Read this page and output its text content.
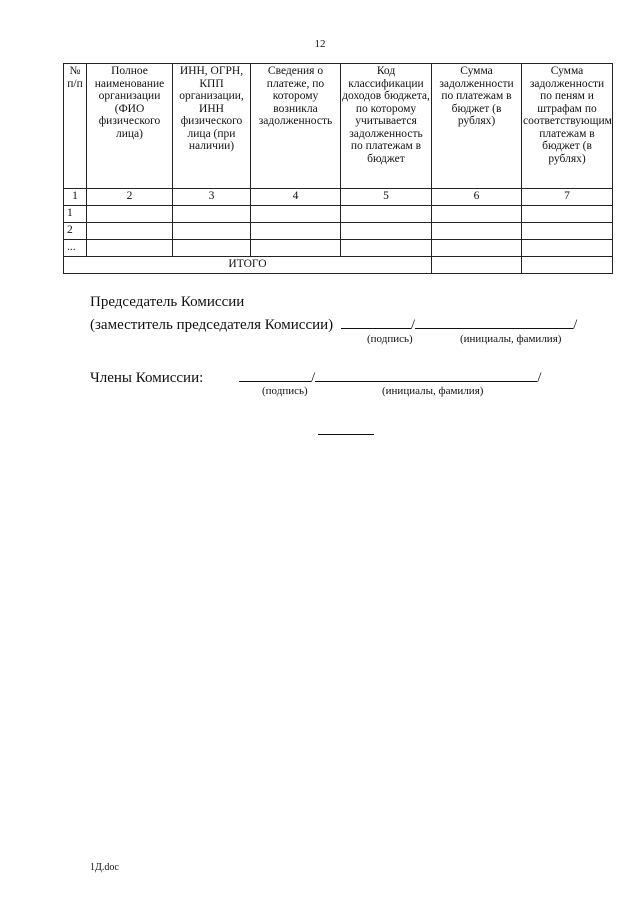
12
№ п/п	Полное наименование организации (ФИО физического лица)	ИНН, ОГРН, КПП организации, ИНН физического лица (при наличии)	Сведения о платеже, по которому возникла задолженность	Код классификации доходов бюджета, по которому учитывается задолженность по платежам в бюджет	Сумма задолженности по платежам в бюджет (в рублях)	Сумма задолженности по пеням и штрафам по соответствующим платежам в бюджет (в рублях)
1	2	3	4	5	6	7
1						
2						
...						
ИТОГО						
Председатель Комиссии
(заместитель председателя Комиссии)	/	/
(подпись)	(инициалы, фамилия)
Члены Комиссии:	/	/
(подпись)	(инициалы, фамилия)
1Д.doc
